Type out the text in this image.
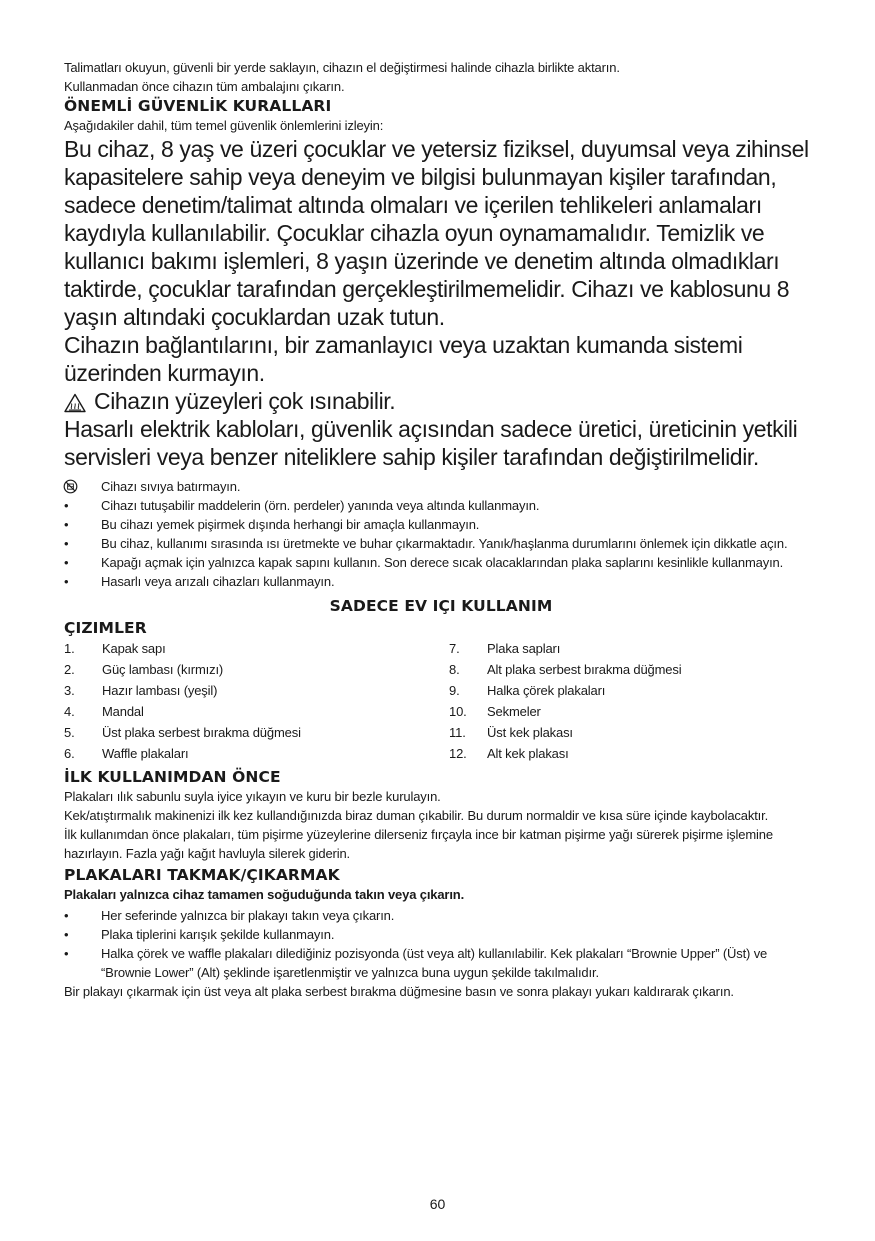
Talimatları okuyun, güvenli bir yerde saklayın, cihazın el değiştirmesi halinde cihazla birlikte aktarın.

Kullanmadan önce cihazın tüm ambalajını çıkarın.

ÖNEMLİ GÜVENLİK KURALLARI
Aşağıdakiler dahil, tüm temel güvenlik önlemlerini izleyin:

Bu cihaz, 8 yaş ve üzeri çocuklar ve yetersiz fiziksel, duyumsal veya zihinsel kapasitelere sahip veya deneyim ve bilgisi bulunmayan kişiler tarafından, sadece denetim/talimat altında olmaları ve içerilen tehlikeleri anlamaları kaydıyla kullanılabilir. Çocuklar cihazla oyun oynamamalıdır. Temizlik ve kullanıcı bakımı işlemleri, 8 yaşın üzerinde ve denetim altında olmadıkları taktirde, çocuklar tarafından gerçekleştirilmemelidir. Cihazı ve kablosunu 8 yaşın altındaki çocuklardan uzak tutun.

Cihazın bağlantılarını, bir zamanlayıcı veya uzaktan kumanda sistemi üzerinden kurmayın.

Cihazın yüzeyleri çok ısınabilir.

Hasarlı elektrik kabloları, güvenlik açısından sadece üretici, üreticinin yetkili servisleri veya benzer niteliklere sahip kişiler tarafından değiştirilmelidir.

Cihazı sıvıya batırmayın.
•	Cihazı tutuşabilir maddelerin (örn. perdeler) yanında veya altında kullanmayın.
•	Bu cihazı yemek pişirmek dışında herhangi bir amaçla kullanmayın.
•	Bu cihaz, kullanımı sırasında ısı üretmekte ve buhar çıkarmaktadır. Yanık/haşlanma durumlarını önlemek için dikkatle açın.
•	Kapağı açmak için yalnızca kapak sapını kullanın. Son derece sıcak olacaklarından plaka saplarını kesinlikle kullanmayın.
•	Hasarlı veya arızalı cihazları kullanmayın.
SADECE EV IÇI KULLANIM
ÇIZIMLER
1.	Kapak sapı
2.	Güç lambası (kırmızı)
3.	Hazır lambası (yeşil)
4.	Mandal
5.	Üst plaka serbest bırakma düğmesi
6.	Waffle plakaları
7.	Plaka sapları
8.	Alt plaka serbest bırakma düğmesi
9.	Halka çörek plakaları
10.	Sekmeler
11.	Üst kek plakası
12.	Alt kek plakası
İLK KULLANIMDAN ÖNCE

Plakaları ılık sabunlu suyla iyice yıkayın ve kuru bir bezle kurulayın.

Kek/atıştırmalık makinenizi ilk kez kullandığınızda biraz duman çıkabilir. Bu durum normaldir ve kısa süre içinde kaybolacaktır.

İlk kullanımdan önce plakaları, tüm pişirme yüzeylerine dilerseniz fırçayla ince bir katman pişirme yağı sürerek pişirme işlemine hazırlayın. Fazla yağı kağıt havluyla silerek giderin.

PLAKALARI TAKMAK/ÇIKARMAK
Plakaları yalnızca cihaz tamamen soğuduğunda takın veya çıkarın.
•	Her seferinde yalnızca bir plakayı takın veya çıkarın.
•	Plaka tiplerini karışık şekilde kullanmayın.
•	Halka çörek ve waffle plakaları dilediğiniz pozisyonda (üst veya alt) kullanılabilir. Kek plakaları “Brownie Upper” (Üst) ve “Brownie Lower” (Alt) şeklinde işaretlenmiştir ve yalnızca buna uygun şekilde takılmalıdır.
Bir plakayı çıkarmak için üst veya alt plaka serbest bırakma düğmesine basın ve sonra plakayı yukarı kaldırarak çıkarın.
60
